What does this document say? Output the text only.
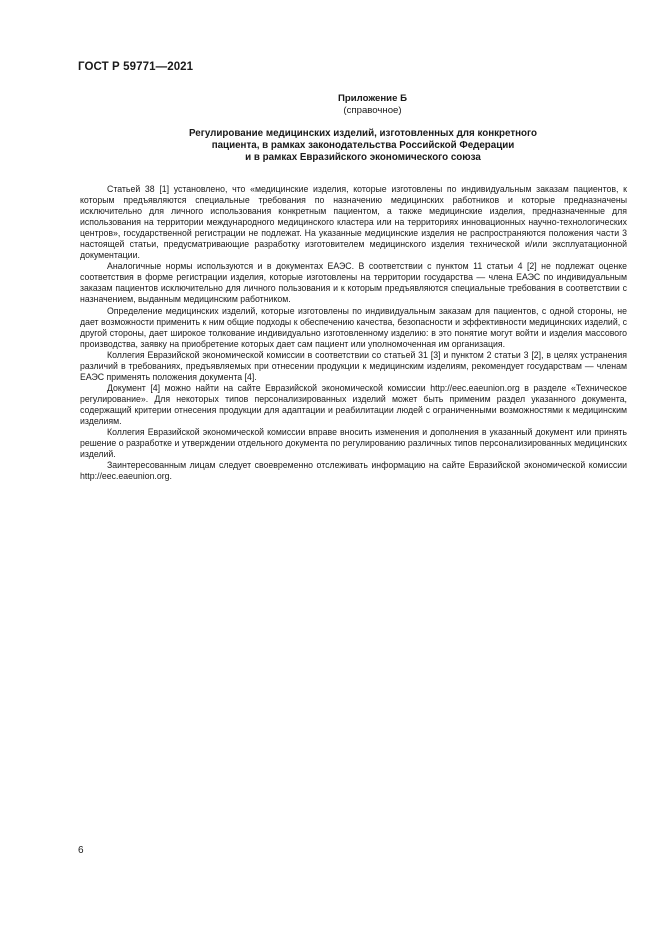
ГОСТ Р 59771—2021
Приложение Б
(справочное)
Регулирование медицинских изделий, изготовленных для конкретного
пациента, в рамках законодательства Российской Федерации
и в рамках Евразийского экономического союза

Статьей 38 [1] установлено, что «медицинские изделия, которые изготовлены по индивидуальным заказам пациентов, к которым предъявляются специальные требования по назначению медицинских работников и которые предназначены исключительно для личного использования конкретным пациентом, а также медицинские изделия, предназначенные для использования на территории международного медицинского кластера или на территориях инновационных научно-технологических центров», государственной регистрации не подлежат. На указанные медицинские изделия не распространяются положения части 3 настоящей статьи, предусматривающие разработку изготовителем медицинского изделия технической и/или эксплуатационной документации.

Аналогичные нормы используются и в документах ЕАЭС. В соответствии с пунктом 11 статьи 4 [2] не подлежат оценке соответствия в форме регистрации изделия, которые изготовлены на территории государства — члена ЕАЭС по индивидуальным заказам пациентов исключительно для личного пользования и к которым предъявляются специальные требования в соответствии с назначением, выданным медицинским работником.

Определение медицинских изделий, которые изготовлены по индивидуальным заказам для пациентов, с одной стороны, не дает возможности применить к ним общие подходы к обеспечению качества, безопасности и эффективности медицинских изделий, с другой стороны, дает широкое толкование индивидуально изготовленному изделию: в это понятие могут войти и изделия массового производства, заявку на приобретение которых дает сам пациент или уполномоченная им организация.

Коллегия Евразийской экономической комиссии в соответствии со статьей 31 [3] и пунктом 2 статьи 3 [2], в целях устранения различий в требованиях, предъявляемых при отнесении продукции к медицинским изделиям, рекомендует государствам — членам ЕАЭС применять положения документа [4].

Документ [4] можно найти на сайте Евразийской экономической комиссии http://eec.eaeunion.org в разделе «Техническое регулирование». Для некоторых типов персонализированных изделий может быть применим раздел указанного документа, содержащий критерии отнесения продукции для адаптации и реабилитации людей с ограниченными возможностями к медицинским изделиям.

Коллегия Евразийской экономической комиссии вправе вносить изменения и дополнения в указанный документ или принять решение о разработке и утверждении отдельного документа по регулированию различных типов персонализированных медицинских изделий.

Заинтересованным лицам следует своевременно отслеживать информацию на сайте Евразийской экономической комиссии http://eec.eaeunion.org.

6
